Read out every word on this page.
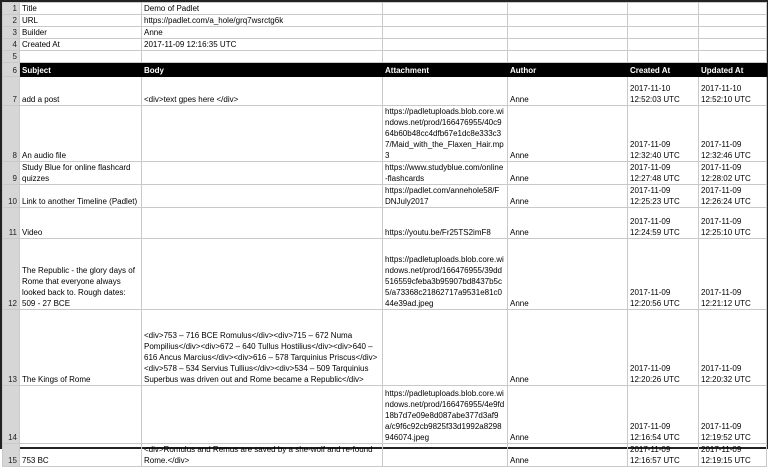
1	Title	Demo of Padlet				
2	URL	https://padlet.com/a_hole/grq7wsrctg6k				
3	Builder	Anne				
4	Created At	2017-11-09 12:16:35 UTC				
5						
6	Subject	Body	Attachment	Author	Created At	Updated At
7	add a post	<div>text gpes here </div>		Anne	2017-11-10 12:52:03 UTC	2017-11-10 12:52:10 UTC
8	An audio file		https://padletuploads.blob.core.windows.net/prod/166476955/40c964b60b48cc4dfb67e1dc8e333c37/Maid_with_the_Flaxen_Hair.mp3	Anne	2017-11-09 12:32:40 UTC	2017-11-09 12:32:46 UTC
9	Study Blue for online flashcard quizzes		https://www.studyblue.com/online-flashcards	Anne	2017-11-09 12:27:48 UTC	2017-11-09 12:28:02 UTC
10	Link to another Timeline (Padlet)		https://padlet.com/annehole58/FDNJuly2017	Anne	2017-11-09 12:25:23 UTC	2017-11-09 12:26:24 UTC
11	Video		https://youtu.be/Fr25TS2imF8	Anne	2017-11-09 12:24:59 UTC	2017-11-09 12:25:10 UTC
12	The Republic - the glory days of Rome that everyone always looked back to. Rough dates: 509 - 27 BCE		https://padletuploads.blob.core.windows.net/prod/166476955/39dd516559cfeba3b95907bd8437b5c5/a73368c21862717a9531e81c044e39ad.jpeg	Anne	2017-11-09 12:20:56 UTC	2017-11-09 12:21:12 UTC
13	The Kings of Rome	<div>753 – 716 BCE Romulus</div><div>715 – 672 Numa Pompilius</div><div>672 – 640 Tullus Hostilius</div><div>640 – 616 Ancus Marcius</div><div>616 – 578 Tarquinius Priscus</div><div>578 – 534 Servius Tullius</div><div>534 – 509 Tarquinius Superbus was driven out and Rome became a Republic</div>		Anne	2017-11-09 12:20:26 UTC	2017-11-09 12:20:32 UTC
14			https://padletuploads.blob.core.windows.net/prod/166476955/4e9fd18b7d7e09e8d087abe377d3af9a/c9f6c92cb9825f33d1992a8298946074.jpeg	Anne	2017-11-09 12:16:54 UTC	2017-11-09 12:19:52 UTC
15	753 BC	<div>Romulus and Remus are saved by a she-wolf and re-found Rome.</div>		Anne	2017-11-09 12:16:57 UTC	2017-11-09 12:19:15 UTC
